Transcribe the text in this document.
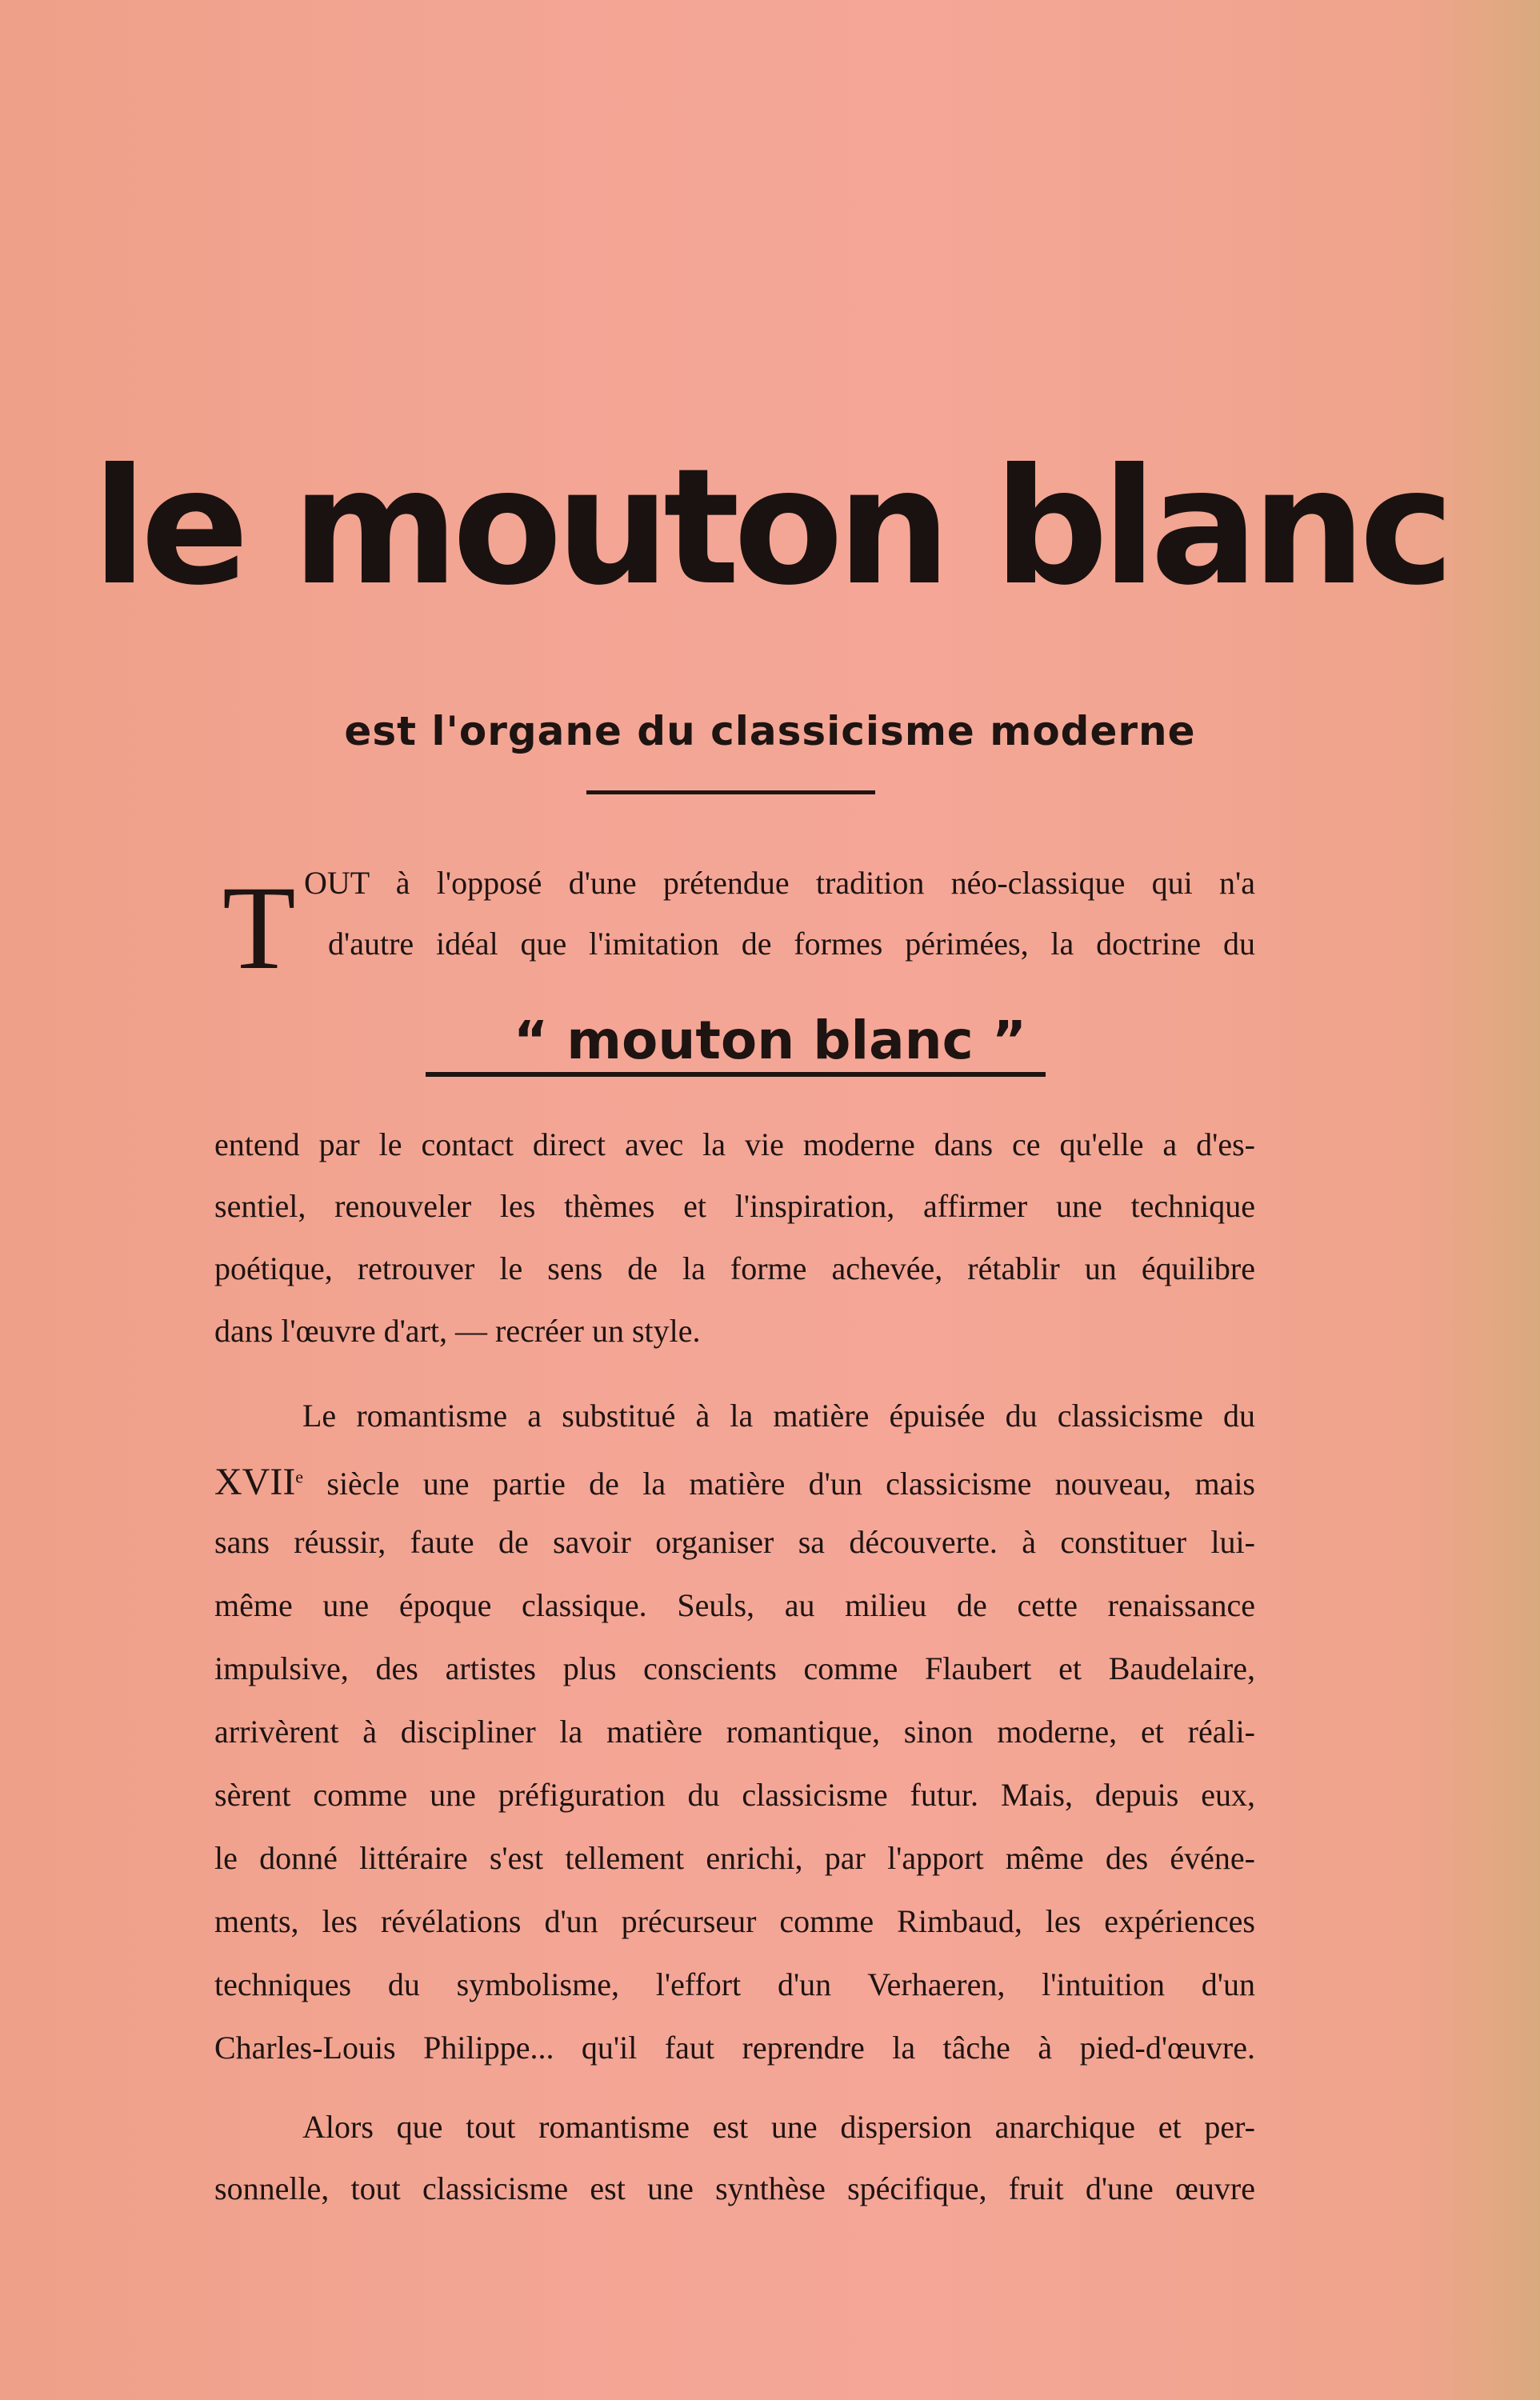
le mouton blanc
est l'organe du classicisme moderne
T OUT à l'opposé d'une prétendue tradition néo-classique qui n'a
d'autre idéal que l'imitation de formes périmées, la doctrine du
“ mouton blanc ”
entend par le contact direct avec la vie moderne dans ce qu'elle a d'es-
sentiel, renouveler les thèmes et l'inspiration, affirmer une technique
poétique, retrouver le sens de la forme achevée, rétablir un équilibre
dans l'œuvre d'art, — recréer un style.
Le romantisme a substitué à la matière épuisée du classicisme du
XVIIe siècle une partie de la matière d'un classicisme nouveau, mais
sans réussir, faute de savoir organiser sa découverte. à constituer lui-
même une époque classique. Seuls, au milieu de cette renaissance
impulsive, des artistes plus conscients comme Flaubert et Baudelaire,
arrivèrent à discipliner la matière romantique, sinon moderne, et réali-
sèrent comme une préfiguration du classicisme futur. Mais, depuis eux,
le donné littéraire s'est tellement enrichi, par l'apport même des événe-
ments, les révélations d'un précurseur comme Rimbaud, les expériences
techniques du symbolisme, l'effort d'un Verhaeren, l'intuition d'un
Charles-Louis Philippe... qu'il faut reprendre la tâche à pied-d'œuvre.
Alors que tout romantisme est une dispersion anarchique et per-
sonnelle, tout classicisme est une synthèse spécifique, fruit d'une œuvre
